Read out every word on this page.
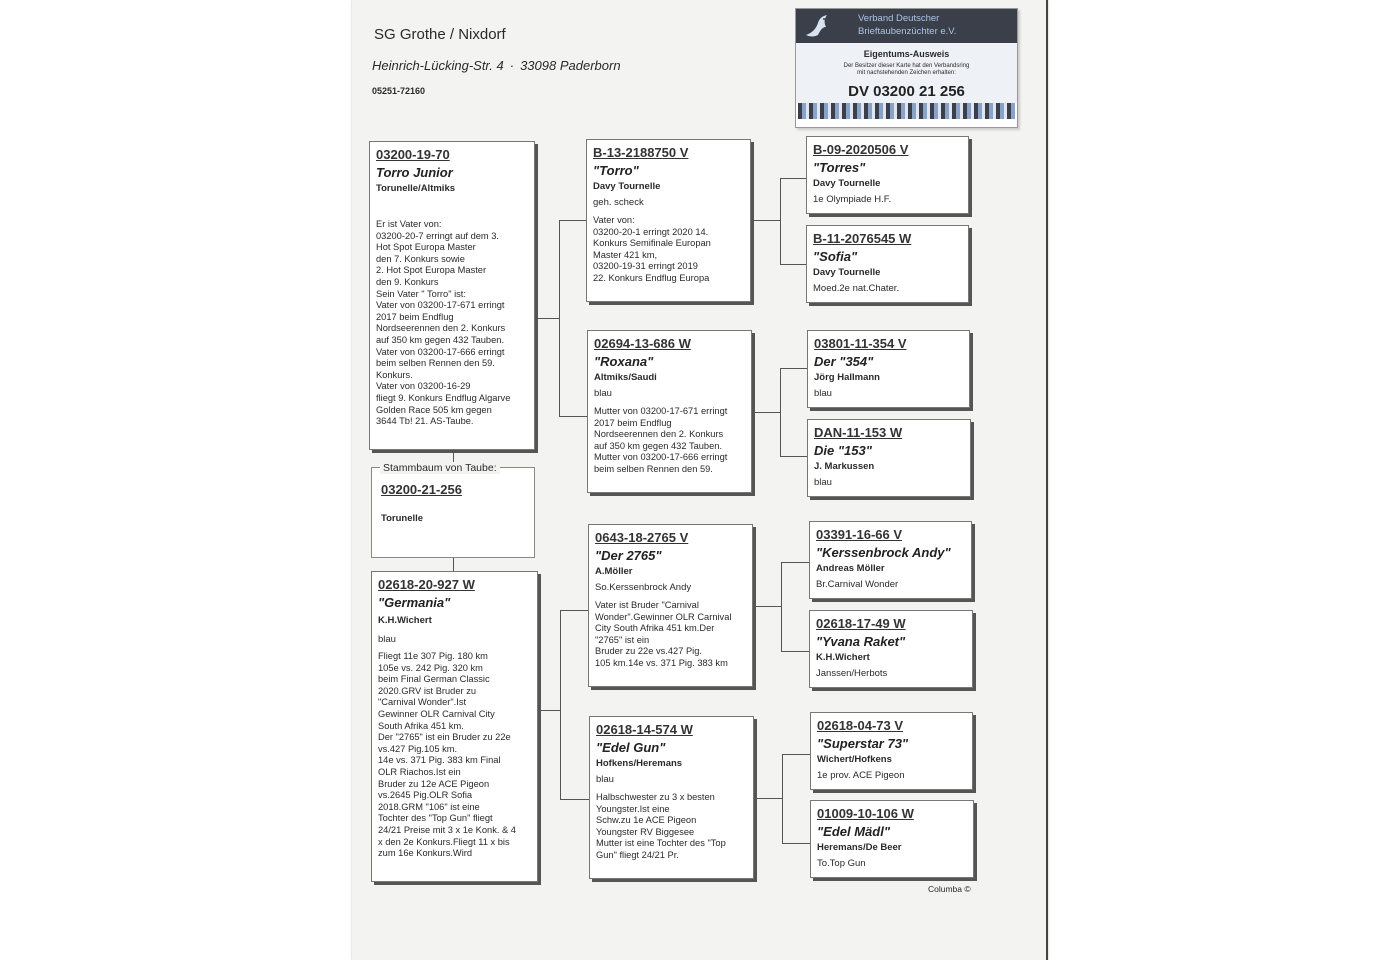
SG Grothe / Nixdorf
Heinrich-Lücking-Str. 4 · 33098 Paderborn
05251-72160
Verband Deutscher
Brieftaubenzüchter e.V.
Eigentums-Ausweis
Der Besitzer dieser Karte hat den Verbandsring
mit nachstehenden Zeichen erhalten:
DV 03200 21 256
03200-21-256
Torunelle
Stammbaum von Taube:
03200-19-70
Torro Junior
Torunelle/Altmiks
Er ist Vater von:
03200-20-7 erringt auf dem 3.
Hot Spot Europa Master
den 7. Konkurs sowie
2. Hot Spot Europa Master
den 9. Konkurs
Sein Vater " Torro" ist:
Vater von 03200-17-671 erringt
2017 beim Endflug
Nordseerennen den 2. Konkurs
auf 350 km gegen 432 Tauben.
Vater von 03200-17-666 erringt
beim selben Rennen den 59.
Konkurs.
Vater von 03200-16-29
fliegt 9. Konkurs Endflug Algarve
Golden Race 505 km gegen
3644 Tb! 21. AS-Taube.
02618-20-927 W
"Germania"
K.H.Wichert
blau
Fliegt 11e 307 Pig. 180 km
105e vs. 242 Pig. 320 km
beim Final German Classic
2020.GRV ist Bruder zu
"Carnival Wonder".Ist
Gewinner OLR Carnival City
South Afrika 451 km.
Der "2765" ist ein Bruder zu 22e
vs.427 Pig.105 km.
14e vs. 371 Pig. 383 km Final
OLR Riachos.Ist ein
Bruder zu 12e ACE Pigeon
vs.2645 Pig.OLR Sofia
2018.GRM "106" ist eine
Tochter des "Top Gun" fliegt
24/21 Preise mit 3 x 1e Konk. & 4
x den 2e Konkurs.Fliegt 11 x bis
zum 16e Konkurs.Wird
B-13-2188750 V
"Torro"
Davy Tournelle
geh. scheck
Vater von:
03200-20-1 erringt 2020 14.
Konkurs Semifinale Europan
Master 421 km,
03200-19-31 erringt 2019
22. Konkurs Endflug Europa
02694-13-686 W
"Roxana"
Altmiks/Saudi
blau
Mutter von 03200-17-671 erringt
2017 beim Endflug
Nordseerennen den 2. Konkurs
auf 350 km gegen 432 Tauben.
Mutter von 03200-17-666 erringt
beim selben Rennen den 59.
0643-18-2765 V
"Der 2765"
A.Möller
So.Kerssenbrock Andy
Vater ist Bruder "Carnival
Wonder".Gewinner OLR Carnival
City South Afrika 451 km.Der
"2765" ist ein
Bruder zu 22e vs.427 Pig.
105 km.14e vs. 371 Pig. 383 km
02618-14-574 W
"Edel Gun"
Hofkens/Heremans
blau
Halbschwester zu 3 x besten
Youngster.Ist eine
Schw.zu 1e ACE Pigeon
Youngster RV Biggesee
Mutter ist eine Tochter des "Top
Gun" fliegt 24/21 Pr.
B-09-2020506 V
"Torres"
Davy Tournelle
1e Olympiade H.F.
B-11-2076545 W
"Sofia"
Davy Tournelle
Moed.2e nat.Chater.
03801-11-354 V
Der "354"
Jörg Hallmann
blau
DAN-11-153 W
Die "153"
J. Markussen
blau
03391-16-66 V
"Kerssenbrock Andy"
Andreas Möller
Br.Carnival Wonder
02618-17-49 W
"Yvana Raket"
K.H.Wichert
Janssen/Herbots
02618-04-73 V
"Superstar 73"
Wichert/Hofkens
1e prov. ACE Pigeon
01009-10-106 W
"Edel Mädl"
Heremans/De Beer
To.Top Gun
Columba ©
